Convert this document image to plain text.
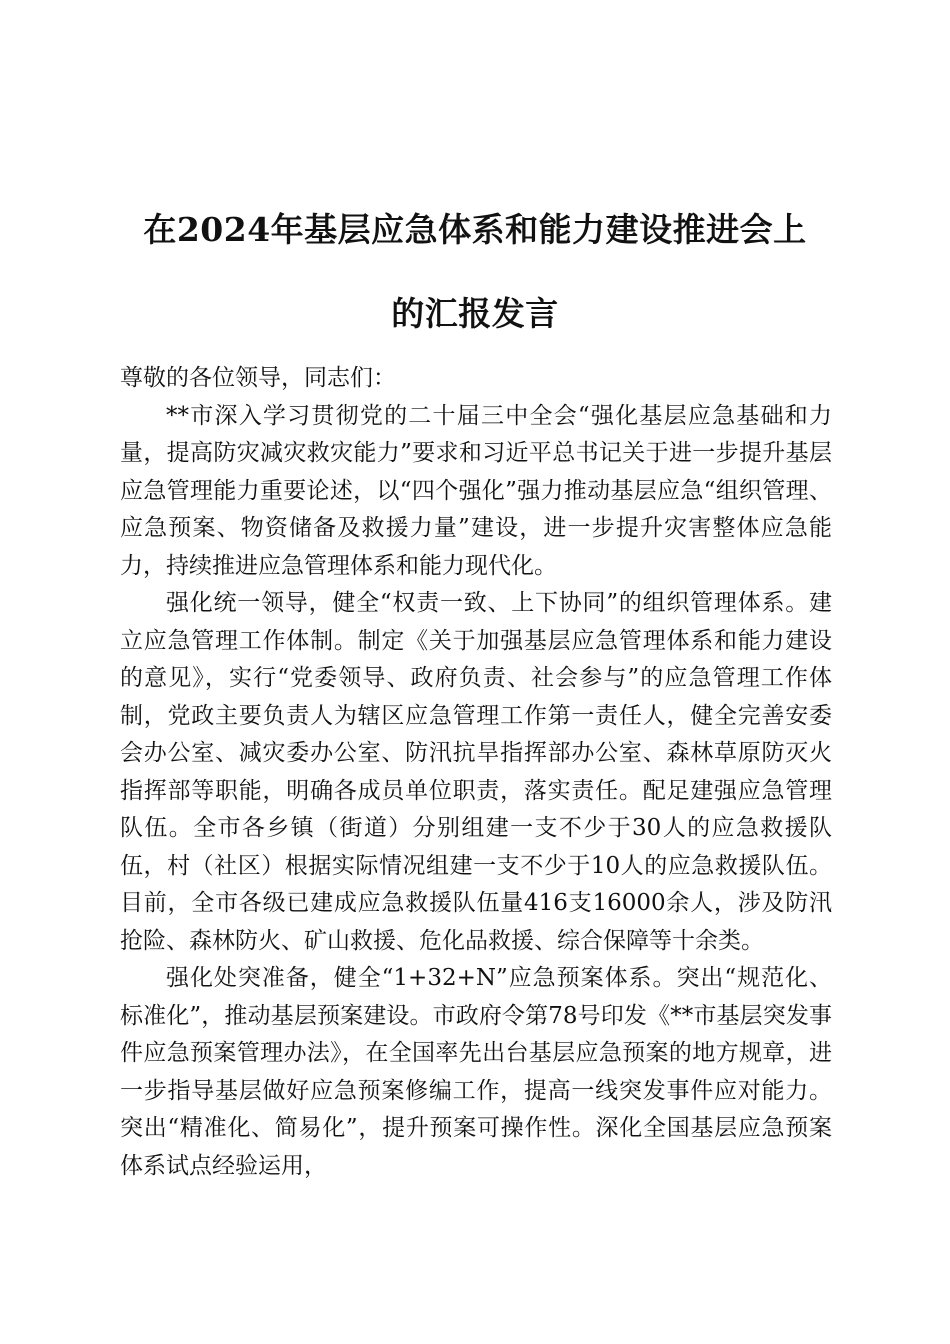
在2024年基层应急体系和能力建设推进会上
的汇报发言

尊敬的各位领导，同志们：

**市深入学习贯彻党的二十届三中全会“强化基层应急基础和力量，提高防灾减灾救灾能力”要求和习近平总书记关于进一步提升基层应急管理能力重要论述，以“四个强化”强力推动基层应急“组织管理、应急预案、物资储备及救援力量”建设，进一步提升灾害整体应急能力，持续推进应急管理体系和能力现代化。

强化统一领导，健全“权责一致、上下协同”的组织管理体系。建立应急管理工作体制。制定《关于加强基层应急管理体系和能力建设的意见》，实行“党委领导、政府负责、社会参与”的应急管理工作体制，党政主要负责人为辖区应急管理工作第一责任人，健全完善安委会办公室、减灾委办公室、防汛抗旱指挥部办公室、森林草原防灭火指挥部等职能，明确各成员单位职责，落实责任。配足建强应急管理队伍。全市各乡镇（街道）分别组建一支不少于30人的应急救援队伍，村（社区）根据实际情况组建一支不少于10人的应急救援队伍。目前，全市各级已建成应急救援队伍量416支16000余人，涉及防汛抢险、森林防火、矿山救援、危化品救援、综合保障等十余类。

强化处突准备，健全“1+32+N”应急预案体系。突出“规范化、标准化”，推动基层预案建设。市政府令第78号印发《**市基层突发事件应急预案管理办法》，在全国率先出台基层应急预案的地方规章，进一步指导基层做好应急预案修编工作，提高一线突发事件应对能力。突出“精准化、简易化”，提升预案可操作性。深化全国基层应急预案体系试点经验运用，
